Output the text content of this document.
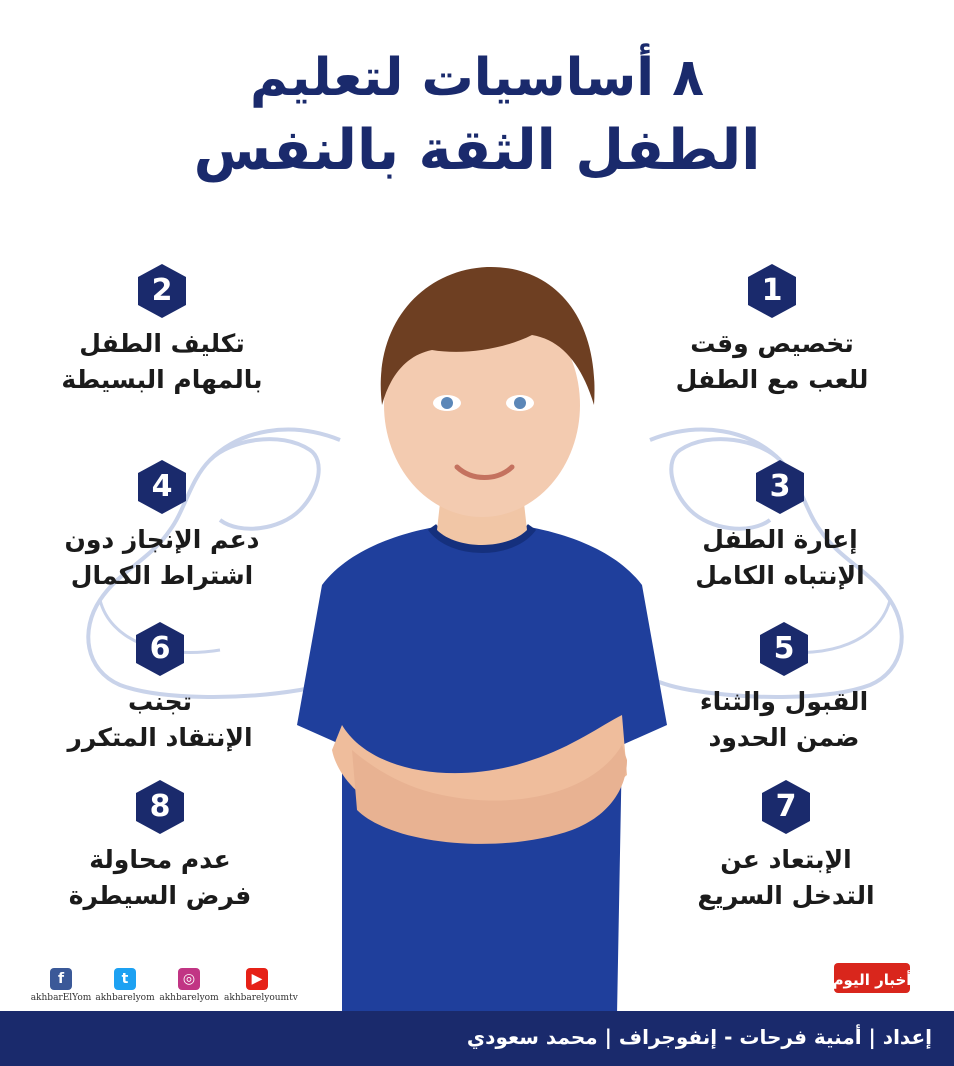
٨ أساسيات لتعليم
الطفل الثقة بالنفس
1
تخصيص وقت
للعب مع الطفل
2
تكليف الطفل
بالمهام البسيطة
3
إعارة الطفل
الإنتباه الكامل
4
دعم الإنجاز دون
اشتراط الكمال
5
القبول والثناء
ضمن الحدود
6
تجنب
الإنتقاد المتكرر
7
الإبتعاد عن
التدخل السريع
8
عدم محاولة
فرض السيطرة
f
akhbarElYom
t
akhbarelyom
◎
akhbarelyom
▶
akhbarelyoumtv
أخبار اليوم
إعداد | أمنية فرحات - إنفوجراف | محمد سعودي
